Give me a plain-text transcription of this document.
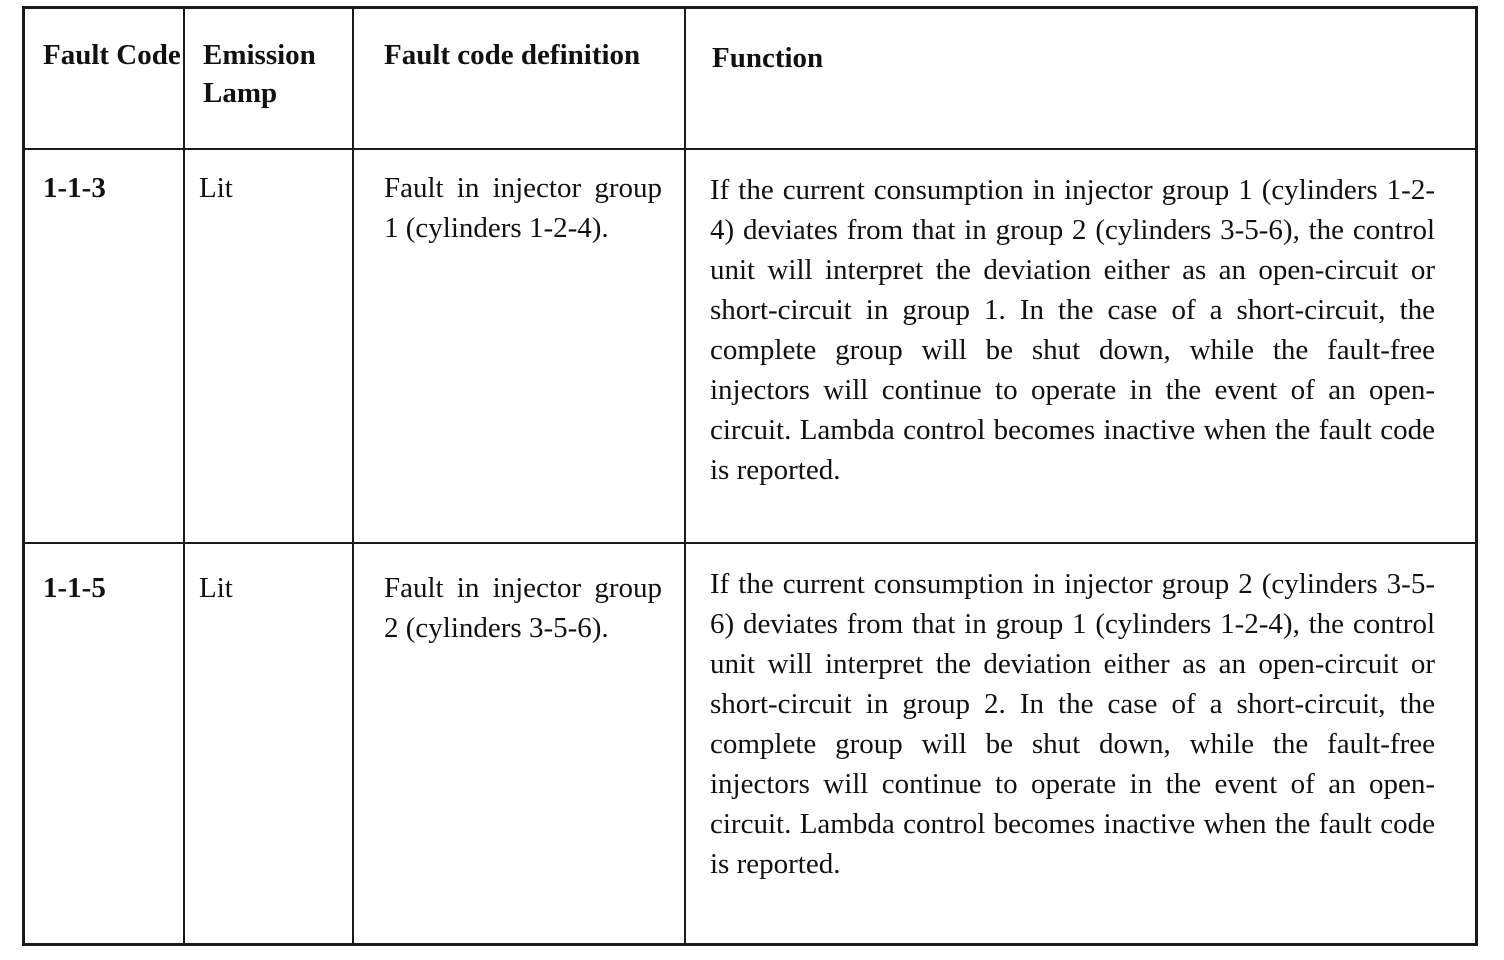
Fault Code	Emission Lamp	Fault code definition	Function

1-1-3	Lit	Fault in injector group 1 (cylinders 1-2-4).	If the current consumption in injector group 1 (cylinders 1-2-4) deviates from that in group 2 (cylinders 3-5-6), the control unit will interpret the deviation either as an open-circuit or short-circuit in group 1. In the case of a short-circuit, the complete group will be shut down, while the fault-free injectors will continue to operate in the event of an open-circuit. Lambda control becomes inactive when the fault code is reported.

1-1-5	Lit	Fault in injector group 2 (cylinders 3-5-6).	If the current consumption in injector group 2 (cylinders 3-5-6) deviates from that in group 1 (cylinders 1-2-4), the control unit will interpret the deviation either as an open-circuit or short-circuit in group 2. In the case of a short-circuit, the complete group will be shut down, while the fault-free injectors will continue to operate in the event of an open-circuit. Lambda control becomes inactive when the fault code is reported.
